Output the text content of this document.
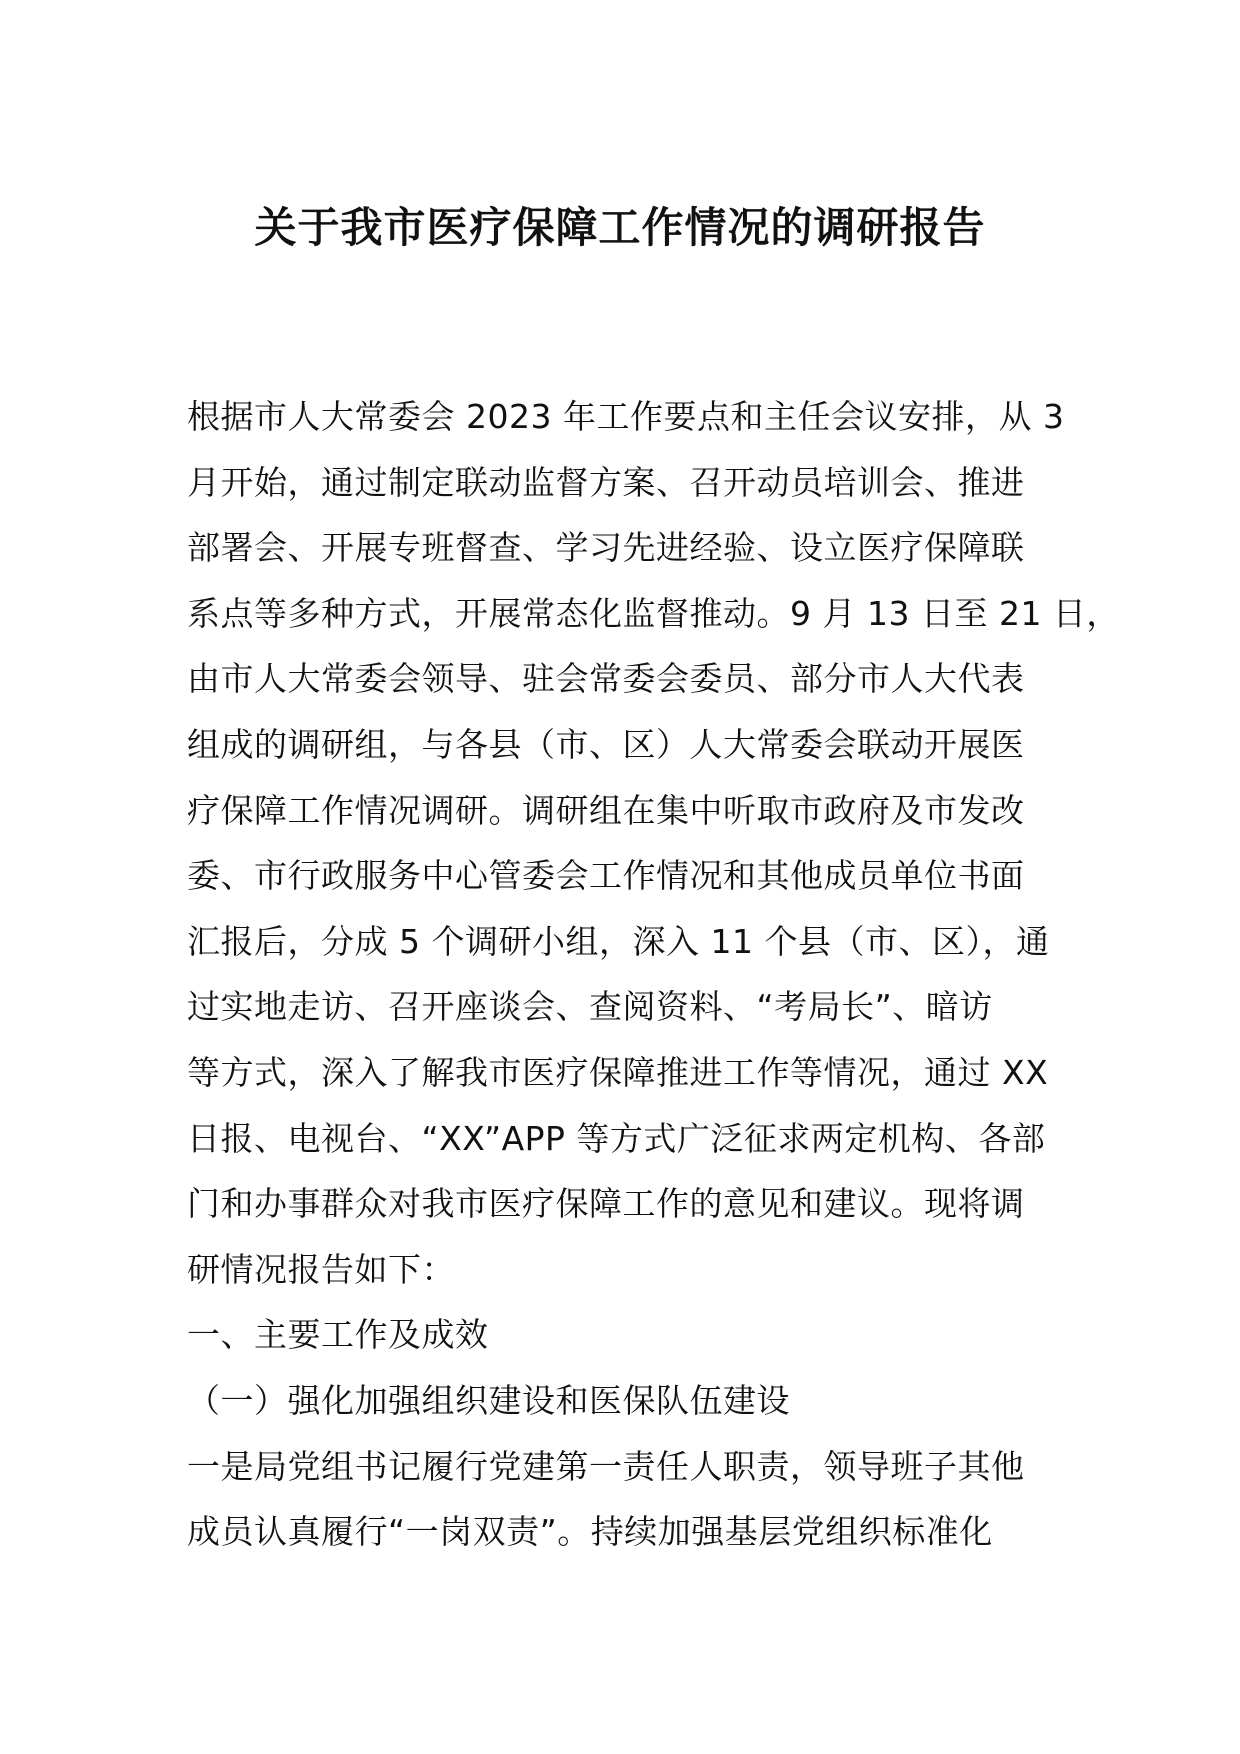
关于我市医疗保障工作情况的调研报告
根据市人大常委会 2023 年工作要点和主任会议安排，从 3
月开始，通过制定联动监督方案、召开动员培训会、推进
部署会、开展专班督查、学习先进经验、设立医疗保障联
系点等多种方式，开展常态化监督推动。9 月 13 日至 21 日，
由市人大常委会领导、驻会常委会委员、部分市人大代表
组成的调研组，与各县（市、区）人大常委会联动开展医
疗保障工作情况调研。调研组在集中听取市政府及市发改
委、市行政服务中心管委会工作情况和其他成员单位书面
汇报后，分成 5 个调研小组，深入 11 个县（市、区），通
过实地走访、召开座谈会、查阅资料、“考局长”、暗访
等方式，深入了解我市医疗保障推进工作等情况，通过 XX
日报、电视台、“XX”APP 等方式广泛征求两定机构、各部
门和办事群众对我市医疗保障工作的意见和建议。现将调
研情况报告如下：
一、主要工作及成效
（一）强化加强组织建设和医保队伍建设
一是局党组书记履行党建第一责任人职责，领导班子其他
成员认真履行“一岗双责”。持续加强基层党组织标准化
